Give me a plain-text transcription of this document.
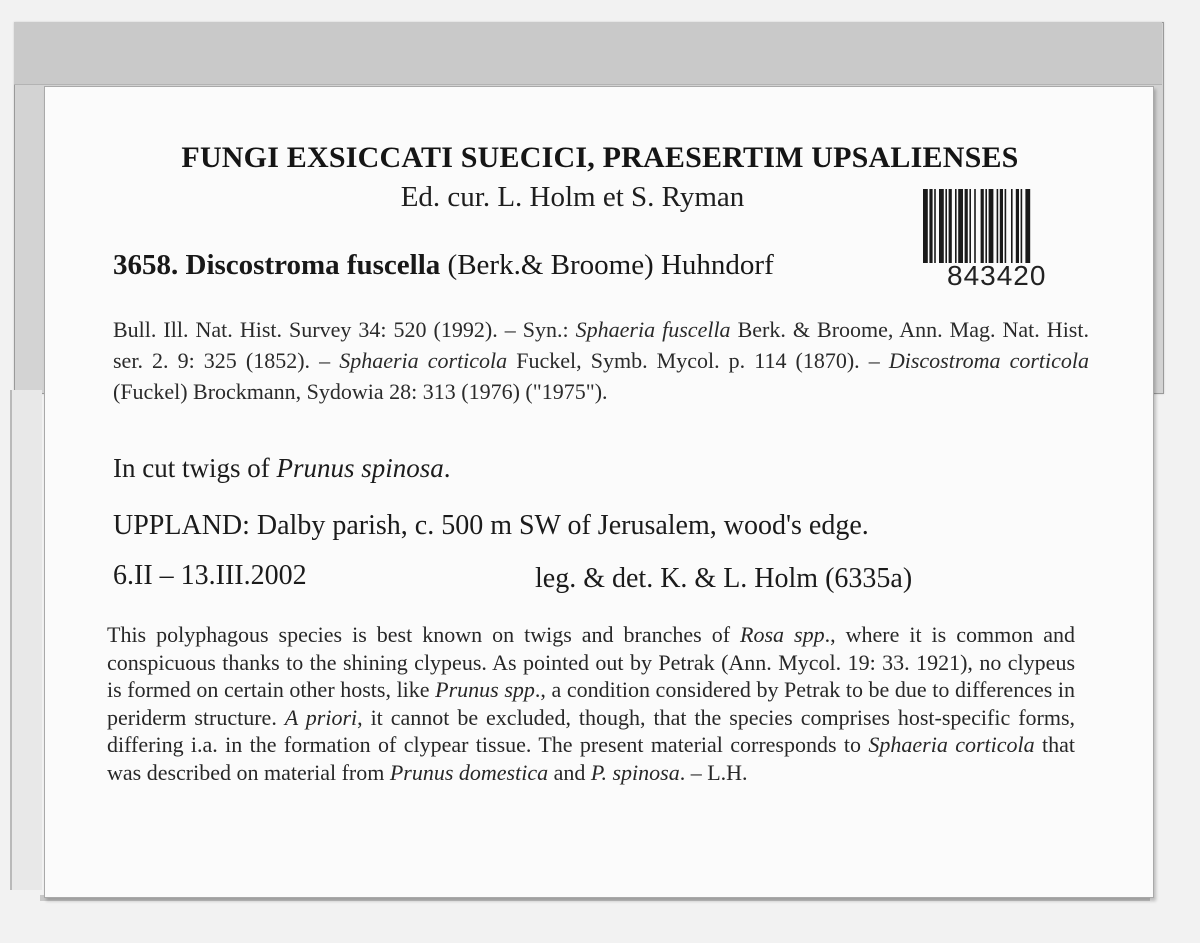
FUNGI EXSICCATI SUECICI, PRAESERTIM UPSALIENSES
Ed. cur. L. Holm et S. Ryman
3658. Discostroma fuscella (Berk.& Broome) Huhndorf	843420
Bull. Ill. Nat. Hist. Survey 34: 520 (1992). – Syn.: Sphaeria fuscella Berk. & Broome, Ann. Mag. Nat. Hist. ser. 2. 9: 325 (1852). – Sphaeria corticola Fuckel, Symb. Mycol. p. 114 (1870). – Discostroma corticola (Fuckel) Brockmann, Sydowia 28: 313 (1976) ("1975").
In cut twigs of Prunus spinosa.
UPPLAND: Dalby parish, c. 500 m SW of Jerusalem, wood's edge.
6.II – 13.III.2002	leg. & det. K. & L. Holm (6335a)

This polyphagous species is best known on twigs and branches of Rosa spp., where it is common and conspicuous thanks to the shining clypeus. As pointed out by Petrak (Ann. Mycol. 19: 33. 1921), no clypeus is formed on certain other hosts, like Prunus spp., a condition considered by Petrak to be due to differences in periderm structure. A priori, it cannot be excluded, though, that the species comprises host-specific forms, differing i.a. in the formation of clypear tissue. The present material corresponds to Sphaeria corticola that was described on material from Prunus domestica and P. spinosa. – L.H.
